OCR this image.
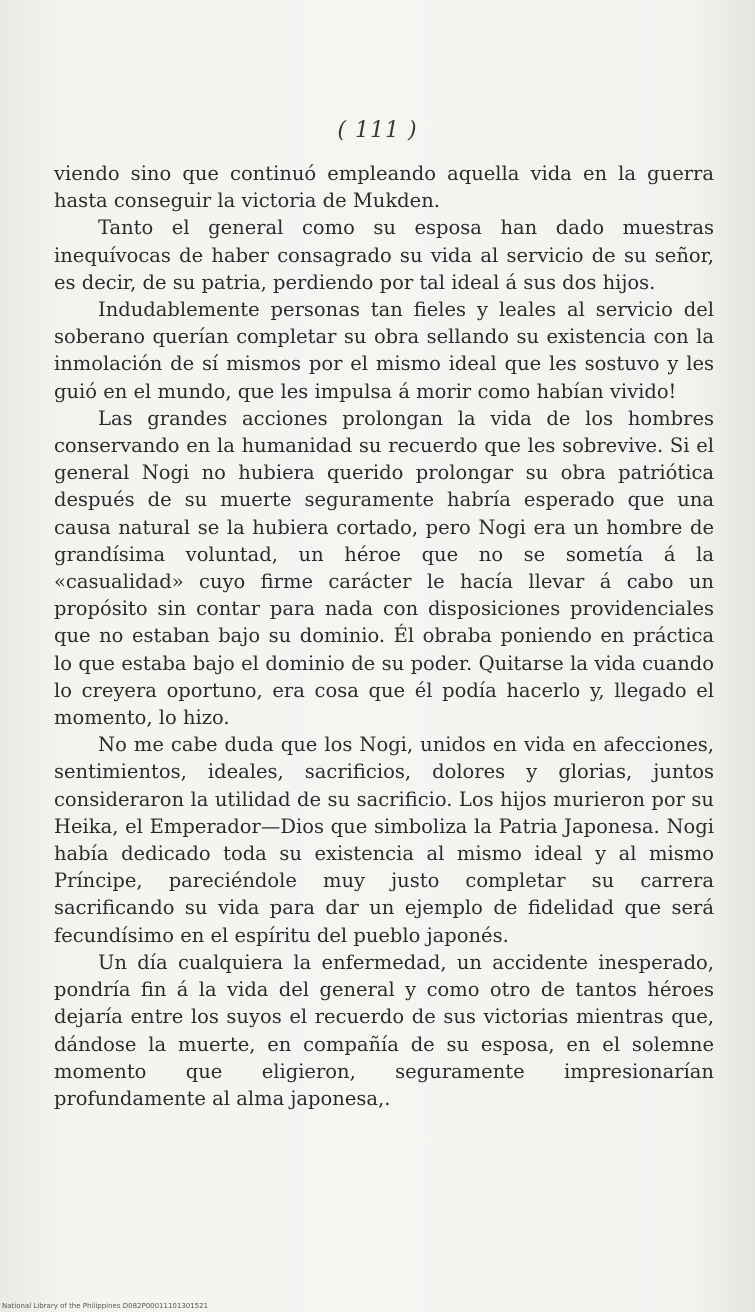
( 111 )

viendo sino que continuó empleando aquella vida en la guerra hasta conseguir la victoria de Mukden.

Tanto el general como su esposa han dado muestras inequívocas de haber consagrado su vida al servicio de su señor, es decir, de su patria, perdiendo por tal ideal á sus dos hijos.

Indudablemente personas tan fieles y leales al servicio del soberano querían completar su obra sellando su existencia con la inmolación de sí mismos por el mismo ideal que les sostuvo y les guió en el mundo, que les impulsa á morir como habían vivido!

Las grandes acciones prolongan la vida de los hombres conservando en la humanidad su recuerdo que les sobrevive. Si el general Nogi no hubiera querido prolongar su obra patriótica después de su muerte seguramente habría esperado que una causa natural se la hubiera cortado, pero Nogi era un hombre de grandísima voluntad, un héroe que no se sometía á la «casualidad» cuyo firme carácter le hacía llevar á cabo un propósito sin contar para nada con disposiciones providenciales que no estaban bajo su dominio. Él obraba poniendo en práctica lo que estaba bajo el dominio de su poder. Quitarse la vida cuando lo creyera oportuno, era cosa que él podía hacerlo y, llegado el momento, lo hizo.

No me cabe duda que los Nogi, unidos en vida en afecciones, sentimientos, ideales, sacrificios, dolores y glorias, juntos consideraron la utilidad de su sacrificio. Los hijos murieron por su Heika, el Emperador—Dios que simboliza la Patria Japonesa. Nogi había dedicado toda su existencia al mismo ideal y al mismo Príncipe, pareciéndole muy justo completar su carrera sacrificando su vida para dar un ejemplo de fidelidad que será fecundísimo en el espíritu del pueblo japonés.

Un día cualquiera la enfermedad, un accidente inesperado, pondría fin á la vida del general y como otro de tantos héroes dejaría entre los suyos el recuerdo de sus victorias mientras que, dándose la muerte, en compañía de su esposa, en el solemne momento que eligieron, seguramente impresionarían profundamente al alma japonesa,.

National Library of the Philippines D082P00011101301521
